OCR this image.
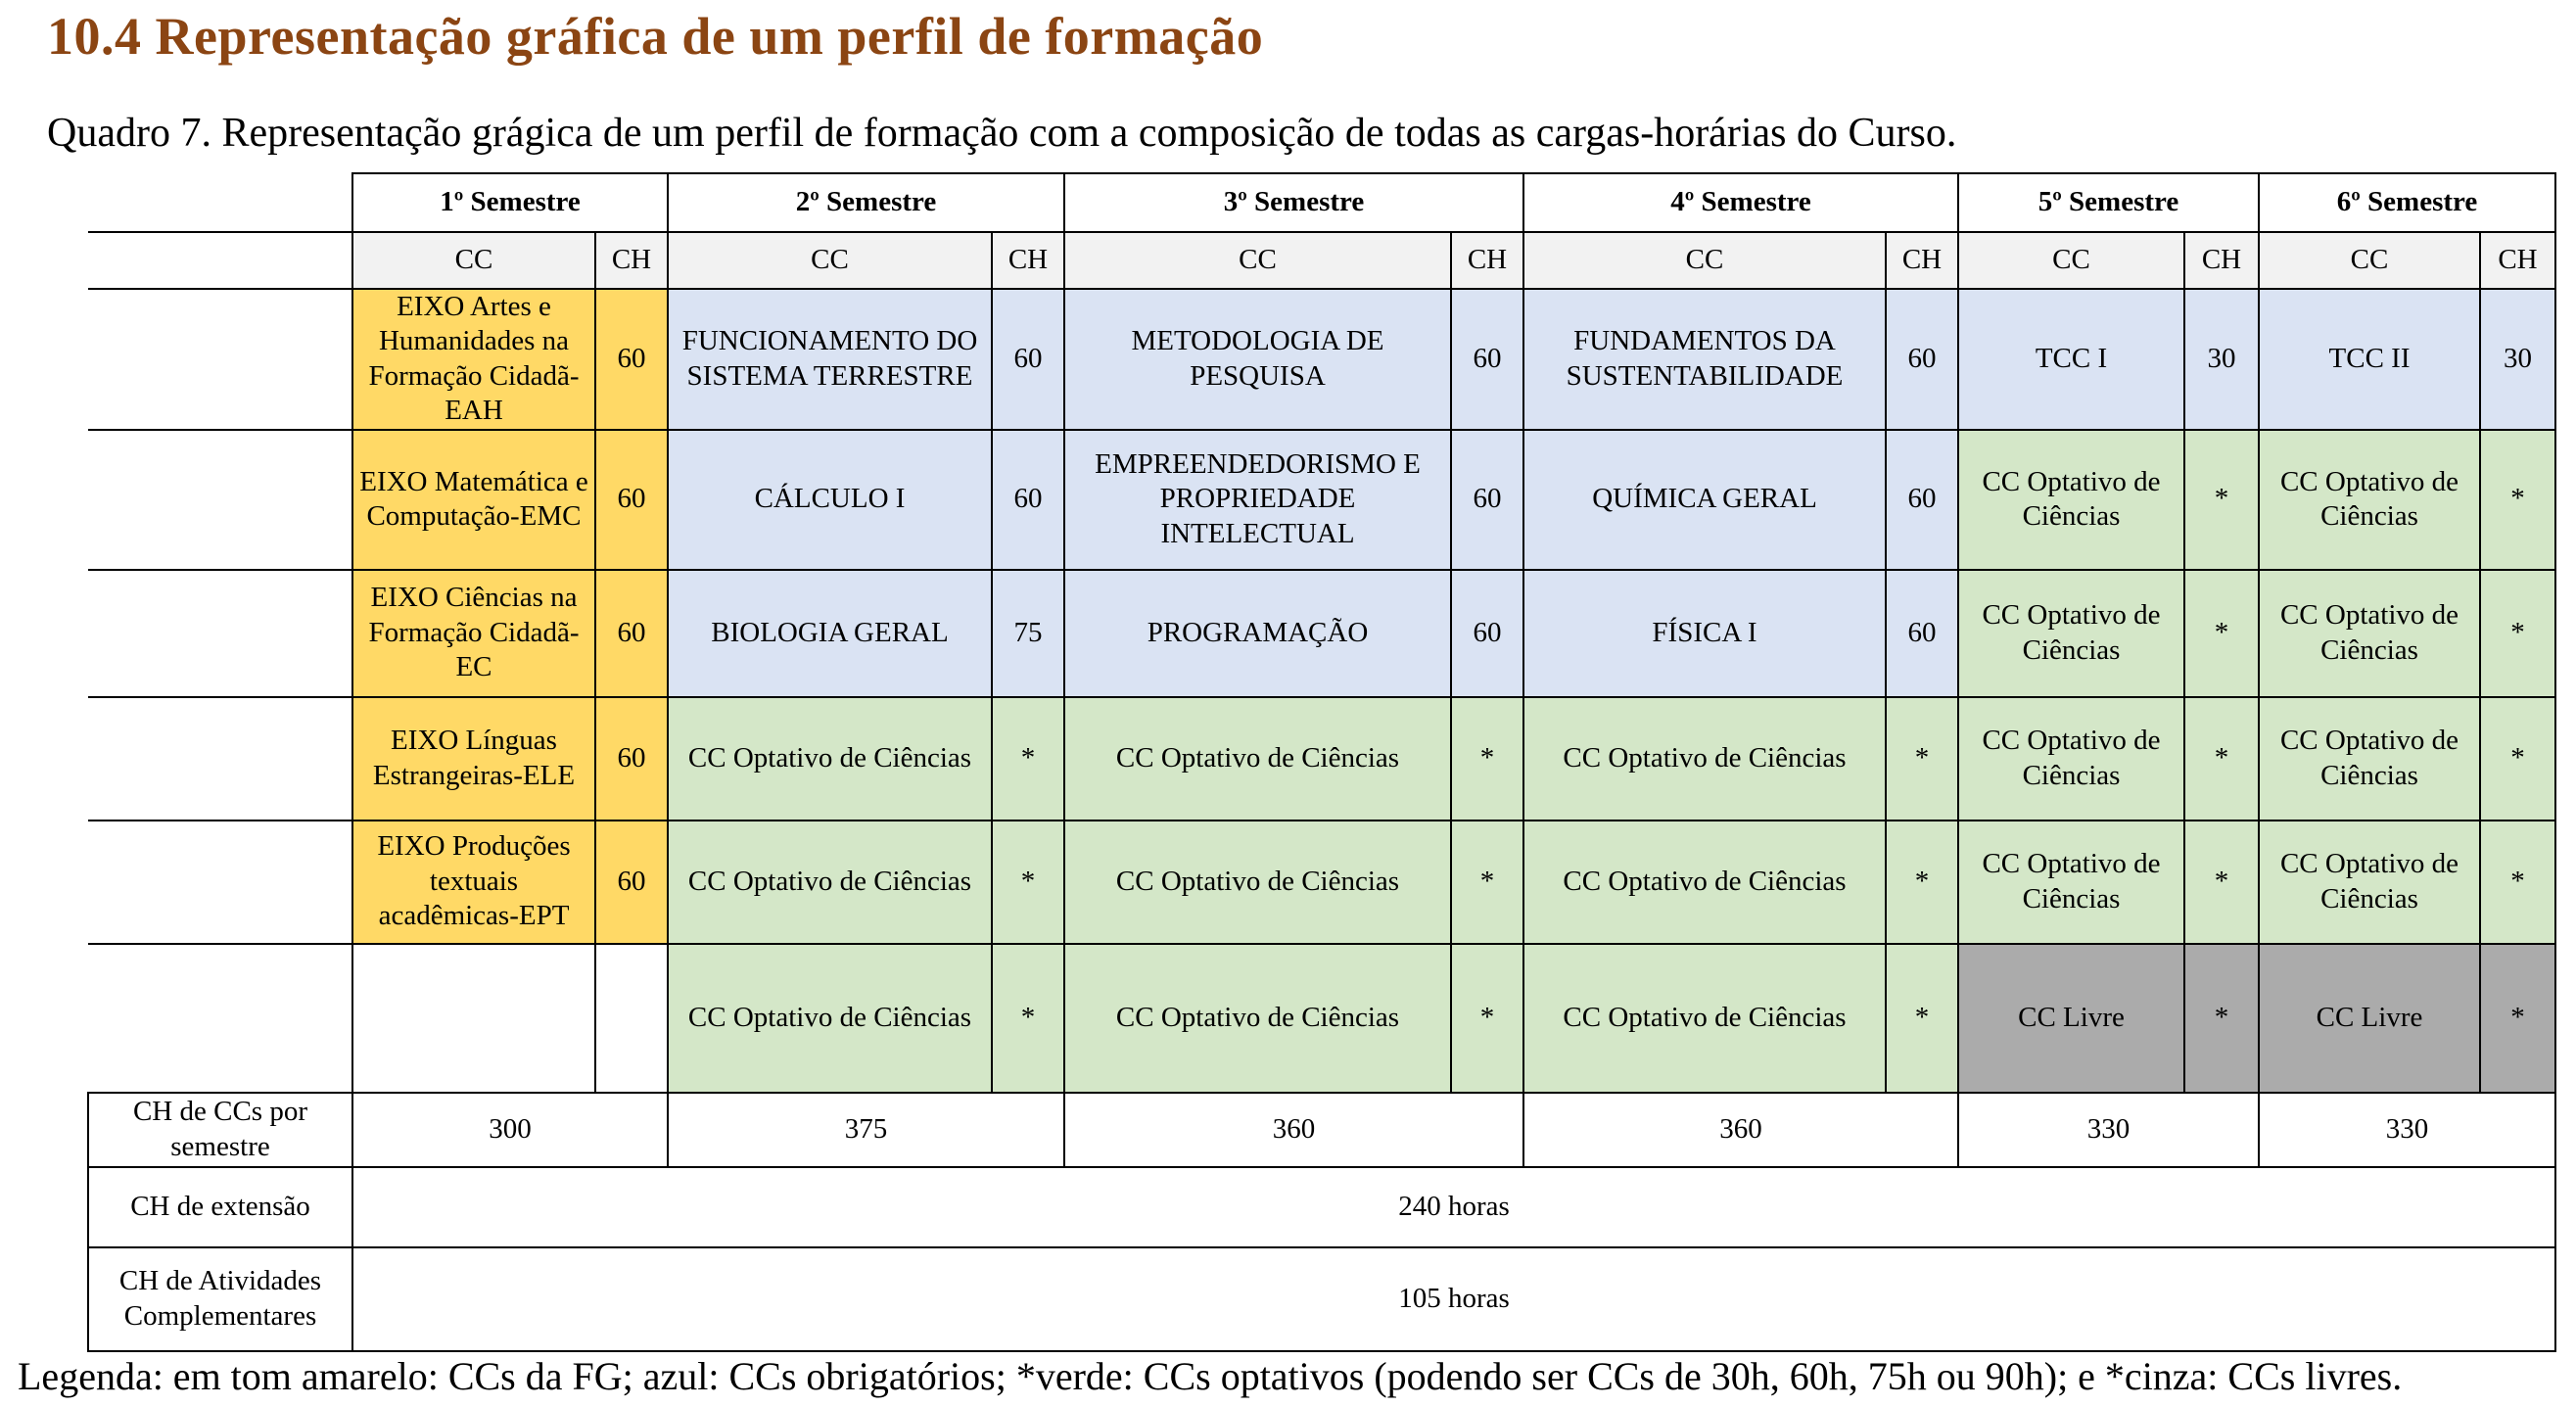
10.4 Representação gráfica de um perfil de formação

Quadro 7. Representação grágica de um perfil de formação com a composição de todas as cargas-horárias do Curso.

	1º Semestre		2º Semestre		3º Semestre		4º Semestre		5º Semestre		6º Semestre	
	CC	CH	CC	CH	CC	CH	CC	CH	CC	CH	CC	CH
	EIXO Artes e Humanidades na Formação Cidadã-EAH	60	FUNCIONAMENTO DO SISTEMA TERRESTRE	60	METODOLOGIA DE PESQUISA	60	FUNDAMENTOS DA SUSTENTABILIDADE	60	TCC I	30	TCC II	30
	EIXO Matemática e Computação-EMC	60	CÁLCULO I	60	EMPREENDEDORISMO E PROPRIEDADE INTELECTUAL	60	QUÍMICA GERAL	60	CC Optativo de Ciências	*	CC Optativo de Ciências	*
	EIXO Ciências na Formação Cidadã-EC	60	BIOLOGIA GERAL	75	PROGRAMAÇÃO	60	FÍSICA I	60	CC Optativo de Ciências	*	CC Optativo de Ciências	*
	EIXO Línguas Estrangeiras-ELE	60	CC Optativo de Ciências	*	CC Optativo de Ciências	*	CC Optativo de Ciências	*	CC Optativo de Ciências	*	CC Optativo de Ciências	*
	EIXO Produções textuais acadêmicas-EPT	60	CC Optativo de Ciências	*	CC Optativo de Ciências	*	CC Optativo de Ciências	*	CC Optativo de Ciências	*	CC Optativo de Ciências	*
			CC Optativo de Ciências	*	CC Optativo de Ciências	*	CC Optativo de Ciências	*	CC Livre	*	CC Livre	*
CH de CCs por semestre	300		375		360		360		330		330	
CH de extensão	240 horas											
CH de Atividades Complementares	105 horas											

Legenda: em tom amarelo: CCs da FG; azul: CCs obrigatórios; *verde: CCs optativos (podendo ser CCs de 30h, 60h, 75h ou 90h); e *cinza: CCs livres.
